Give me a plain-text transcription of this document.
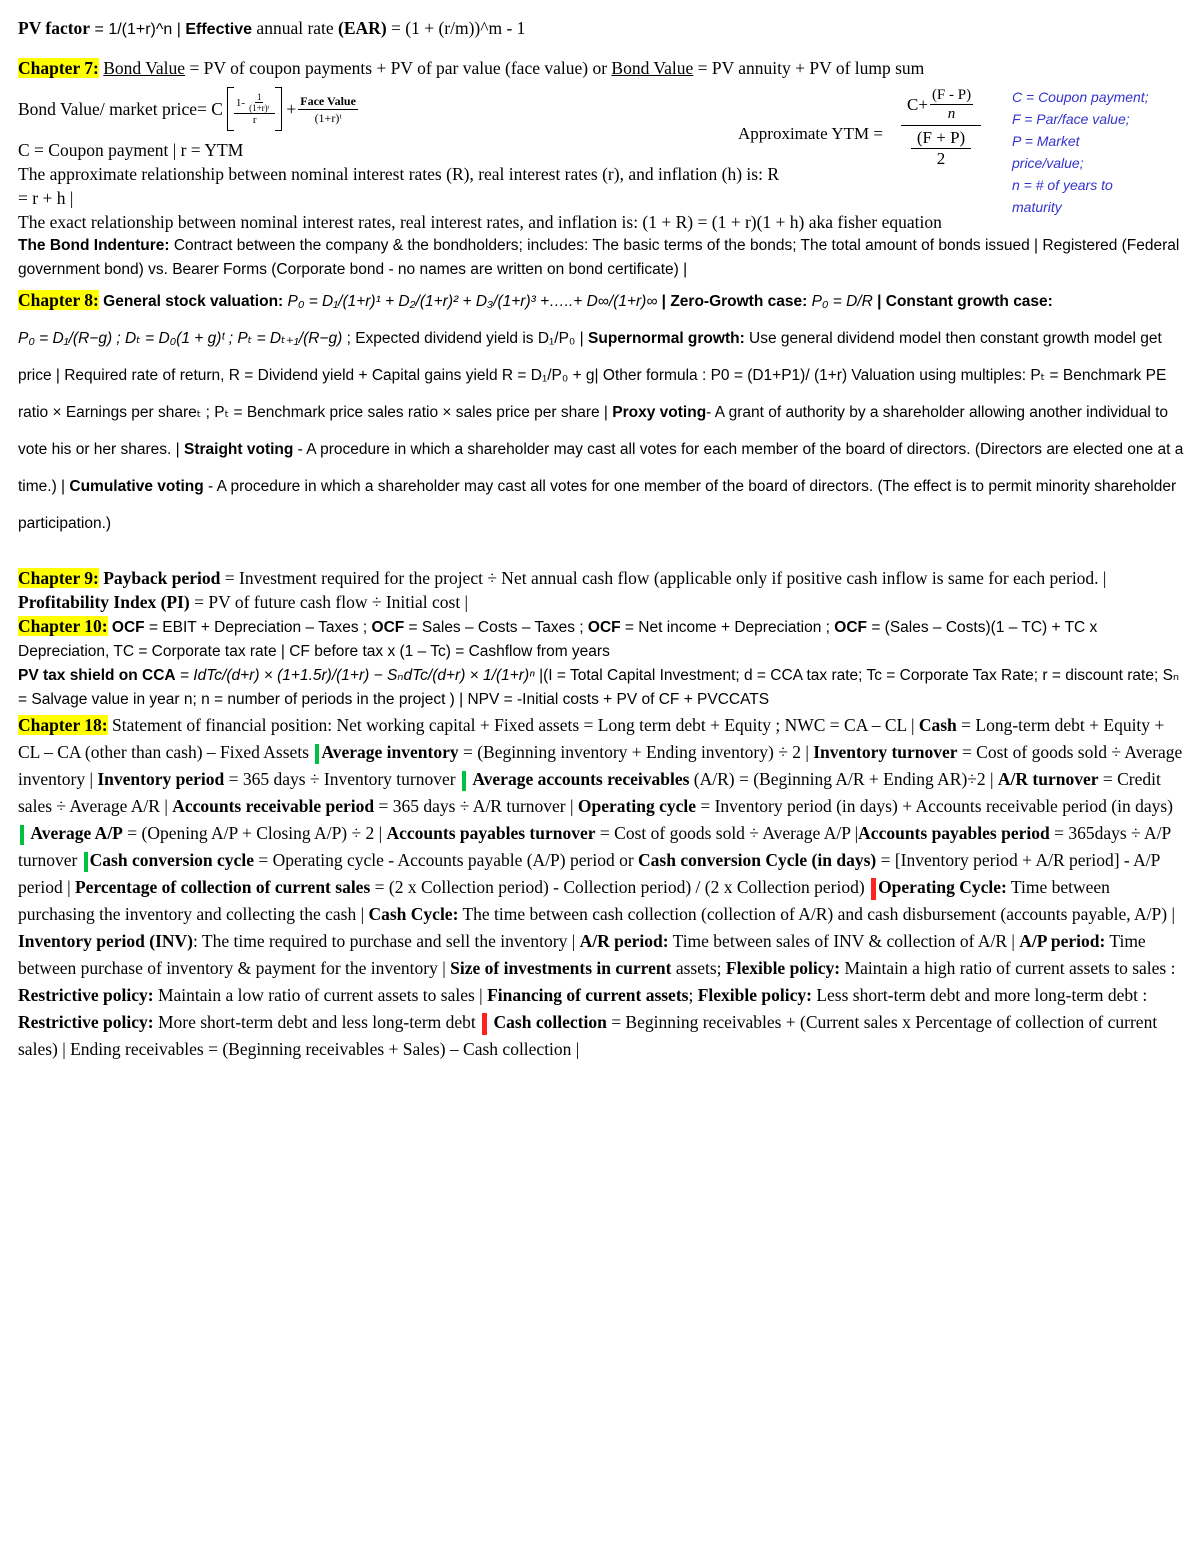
PV factor = 1/(1+r)^n | Effective annual rate (EAR) = (1 + (r/m))^m - 1

Chapter 7: Bond Value = PV of coupon payments + PV of par value (face value) or Bond Value = PV annuity + PV of lump sum

Bond Value/ market price = C $\frac{1- \frac{1}{\text{(1+r)ᵗ}}}{r} + \frac{\text{Face Value}}{\text{(1+r)ᵗ}}$

C = Coupon payment | r = YTM

The approximate relationship between nominal interest rates (R), real interest rates (r), and inflation (h) is: R = r + h |

The exact relationship between nominal interest rates, real interest rates, and inflation is: (1 + R) = (1 + r)(1 + h) aka fisher equation

The Bond Indenture: Contract between the company & the bondholders; includes: The basic terms of the bonds; The total amount of bonds issued | Registered (Federal government bond) vs. Bearer Forms (Corporate bond - no names are written on bond certificate) |

Chapter 8: General stock valuation: P₀ = D₁/(1+r)¹ + D₂/(1+r)² + D₃/(1+r)³ +…..+ D∞/(1+r)∞ | Zero-Growth case: P₀ = D/R | Constant growth case:
P₀ = D₁/(R−g) ; Dₜ = D₀(1 + g)ᵗ ; Pₜ = Dₜ₊₁/(R−g) ; Expected dividend yield is D₁/P₀ | Supernormal growth: Use general dividend model then constant growth model get price | Required rate of return, R = Dividend yield + Capital gains yield R = D₁/P₀ + g| Other formula : P0 = (D1+P1)/ (1+r) Valuation using multiples: Pₜ = Benchmark PE ratio × Earnings per shareₜ ; Pₜ = Benchmark price sales ratio × sales price per share | Proxy voting- A grant of authority by a shareholder allowing another individual to vote his or her shares. | Straight voting - A procedure in which a shareholder may cast all votes for each member of the board of directors. (Directors are elected one at a time.) | Cumulative voting - A procedure in which a shareholder may cast all votes for one member of the board of directors. (The effect is to permit minority shareholder participation.)

Chapter 9: Payback period = Investment required for the project ÷ Net annual cash flow (applicable only if positive cash inflow is same for each period. | Profitability Index (PI) = PV of future cash flow ÷ Initial cost |

Chapter 10: OCF = EBIT + Depreciation – Taxes ; OCF = Sales – Costs – Taxes ; OCF = Net income + Depreciation ; OCF = (Sales – Costs)(1 – TC) + TC x Depreciation, TC = Corporate tax rate | CF before tax x (1 – Tc) = Cashflow from years
PV tax shield on CCA = IdTc/(d+r) × (1+1.5r)/(1+r) − SₙdTc/(d+r) × 1/(1+r)ⁿ |(I = Total Capital Investment; d = CCA tax rate; Tc = Corporate Tax Rate; r = discount rate; Sₙ = Salvage value in year n; n = number of periods in the project ) | NPV = -Initial costs + PV of CF + PVCCATS

Chapter 18: Statement of financial position: Net working capital + Fixed assets = Long term debt + Equity ; NWC = CA – CL | Cash = Long-term debt + Equity + CL – CA (other than cash) – Fixed Assets Average inventory = (Beginning inventory + Ending inventory) ÷ 2 | Inventory turnover = Cost of goods sold ÷ Average inventory | Inventory period = 365 days ÷ Inventory turnover  Average accounts receivables (A/R) = (Beginning A/R + Ending AR)÷2 | A/R turnover = Credit sales ÷ Average A/R | Accounts receivable period = 365 days ÷ A/R turnover | Operating cycle = Inventory period (in days) + Accounts receivable period (in days)  Average A/P = (Opening A/P + Closing A/P) ÷ 2 | Accounts payables turnover = Cost of goods sold ÷ Average A/P |Accounts payables period = 365days ÷ A/P turnover Cash conversion cycle = Operating cycle - Accounts payable (A/P) period or Cash conversion Cycle (in days) = [Inventory period + A/R period] - A/P period | Percentage of collection of current sales = (2 x Collection period) - Collection period) / (2 x Collection period) Operating Cycle: Time between purchasing the inventory and collecting the cash | Cash Cycle: The time between cash collection (collection of A/R) and cash disbursement (accounts payable, A/P) | Inventory period (INV): The time required to purchase and sell the inventory | A/R period: Time between sales of INV & collection of A/R | A/P period: Time between purchase of inventory & payment for the inventory | Size of investments in current assets; Flexible policy: Maintain a high ratio of current assets to sales : Restrictive policy: Maintain a low ratio of current assets to sales | Financing of current assets; Flexible policy: Less short-term debt and more long-term debt : Restrictive policy: More short-term debt and less long-term debt  Cash collection = Beginning receivables + (Current sales x Percentage of collection of current sales) | Ending receivables = (Beginning receivables + Sales) – Cash collection |

Approximate YTM =
$C+ \frac{(F - P)}{n}$
(F + P)
2
C = Coupon payment;
F = Par/face value;
P = Market
price/value;
n = # of years to
maturity
